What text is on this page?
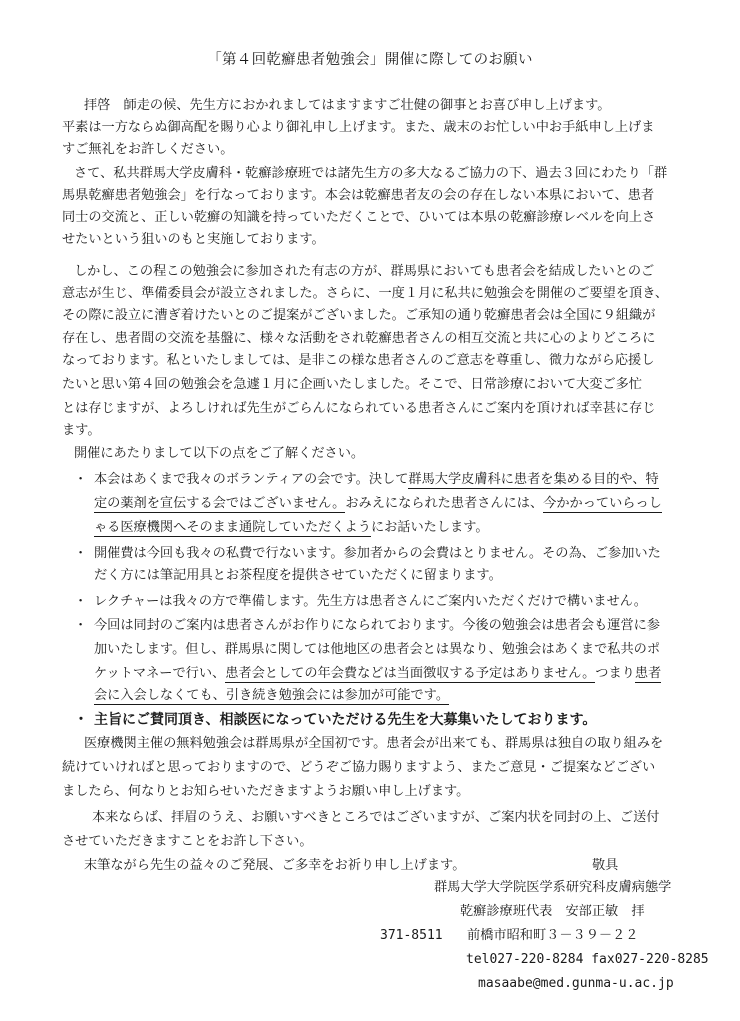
「第４回乾癬患者勉強会」開催に際してのお願い
拝啓　師走の候、先生方におかれましてはますますご壮健の御事とお喜び申し上げます。
平素は一方ならぬ御高配を賜り心より御礼申し上げます。また、歳末のお忙しい中お手紙申し上げま
すご無礼をお許しください。
さて、私共群馬大学皮膚科・乾癬診療班では諸先生方の多大なるご協力の下、過去３回にわたり「群
馬県乾癬患者勉強会」を行なっております。本会は乾癬患者友の会の存在しない本県において、患者
同士の交流と、正しい乾癬の知識を持っていただくことで、ひいては本県の乾癬診療レベルを向上さ
せたいという狙いのもと実施しております。
しかし、この程この勉強会に参加された有志の方が、群馬県においても患者会を結成したいとのご
意志が生じ、準備委員会が設立されました。さらに、一度１月に私共に勉強会を開催のご要望を頂き、
その際に設立に漕ぎ着けたいとのご提案がございました。ご承知の通り乾癬患者会は全国に９組織が
存在し、患者間の交流を基盤に、様々な活動をされ乾癬患者さんの相互交流と共に心のよりどころに
なっております。私といたしましては、是非この様な患者さんのご意志を尊重し、微力ながら応援し
たいと思い第４回の勉強会を急遽１月に企画いたしました。そこで、日常診療において大変ご多忙
とは存じますが、よろしければ先生がごらんになられている患者さんにご案内を頂ければ幸甚に存じ
ます。
開催にあたりまして以下の点をご了解ください。
・ 本会はあくまで我々のボランティアの会です。決して群馬大学皮膚科に患者を集める目的や、特
定の薬剤を宣伝する会ではございません。おみえになられた患者さんには、今かかっていらっし
ゃる医療機関へそのまま通院していただくようにお話いたします。
・ 開催費は今回も我々の私費で行ないます。参加者からの会費はとりません。その為、ご参加いた
だく方には筆記用具とお茶程度を提供させていただくに留まります。
・ レクチャーは我々の方で準備します。先生方は患者さんにご案内いただくだけで構いません。
・ 今回は同封のご案内は患者さんがお作りになられております。今後の勉強会は患者会も運営に参
加いたします。但し、群馬県に関しては他地区の患者会とは異なり、勉強会はあくまで私共のポ
ケットマネーで行い、患者会としての年会費などは当面徴収する予定はありません。つまり患者
会に入会しなくても、引き続き勉強会には参加が可能です。
・ 主旨にご賛同頂き、相談医になっていただける先生を大募集いたしております。
医療機関主催の無料勉強会は群馬県が全国初です。患者会が出来ても、群馬県は独自の取り組みを
続けていければと思っておりますので、どうぞご協力賜りますよう、またご意見・ご提案などござい
ましたら、何なりとお知らせいただきますようお願い申し上げます。
本来ならば、拝眉のうえ、お願いすべきところではございますが、ご案内状を同封の上、ご送付
させていただきますことをお許し下さい。
末筆ながら先生の益々のご発展、ご多幸をお祈り申し上げます。	敬具
群馬大学大学院医学系研究科皮膚病態学
乾癬診療班代表　安部正敏　拝
371-8511 前橋市昭和町３－３９－２２
tel027-220-8284 fax027-220-8285
masaabe@med.gunma-u.ac.jp
